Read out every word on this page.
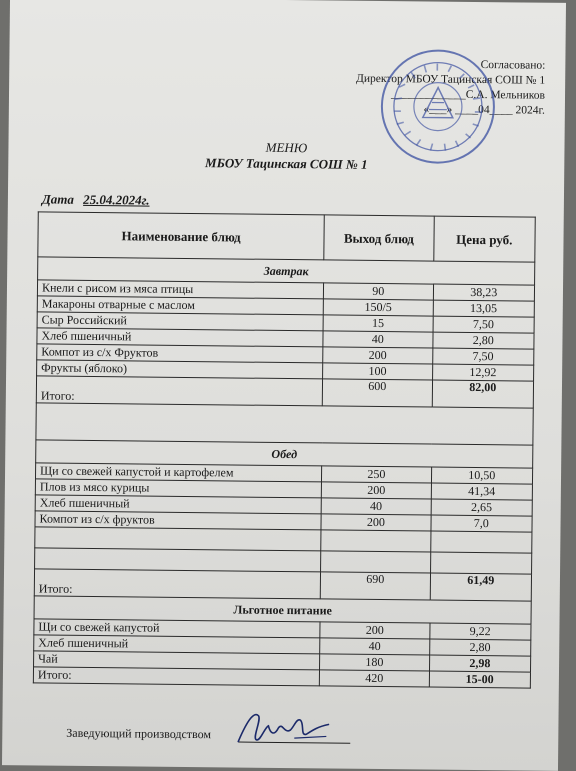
Согласовано:
Директор МБОУ Тацинская СОШ № 1
_____________С.А. Мельников
«___» ____04____ 2024г.
МЕНЮ
МБОУ Тацинская СОШ № 1
Дата 25.04.2024г.
Наименование блюд	Выход блюд	Цена руб.
Завтрак		
Кнели с рисом из мяса птицы	90	38,23
Макароны отварные с маслом	150/5	13,05
Сыр Российский	15	7,50
Хлеб пшеничный	40	2,80
Компот из с/х Фруктов	200	7,50
Фрукты (яблоко)	100	12,92
Итого:	600	82,00

Обед		
Щи со свежей капустой и картофелем	250	10,50
Плов из мясо курицы	200	41,34
Хлеб пшеничный	40	2,65
Компот из с/х фруктов	200	7,0

Итого:	690	61,49
Льготное питание		
Щи со свежей капустой	200	9,22
Хлеб пшеничный	40	2,80
Чай	180	2,98
Итого:	420	15-00
Заведующий производством
